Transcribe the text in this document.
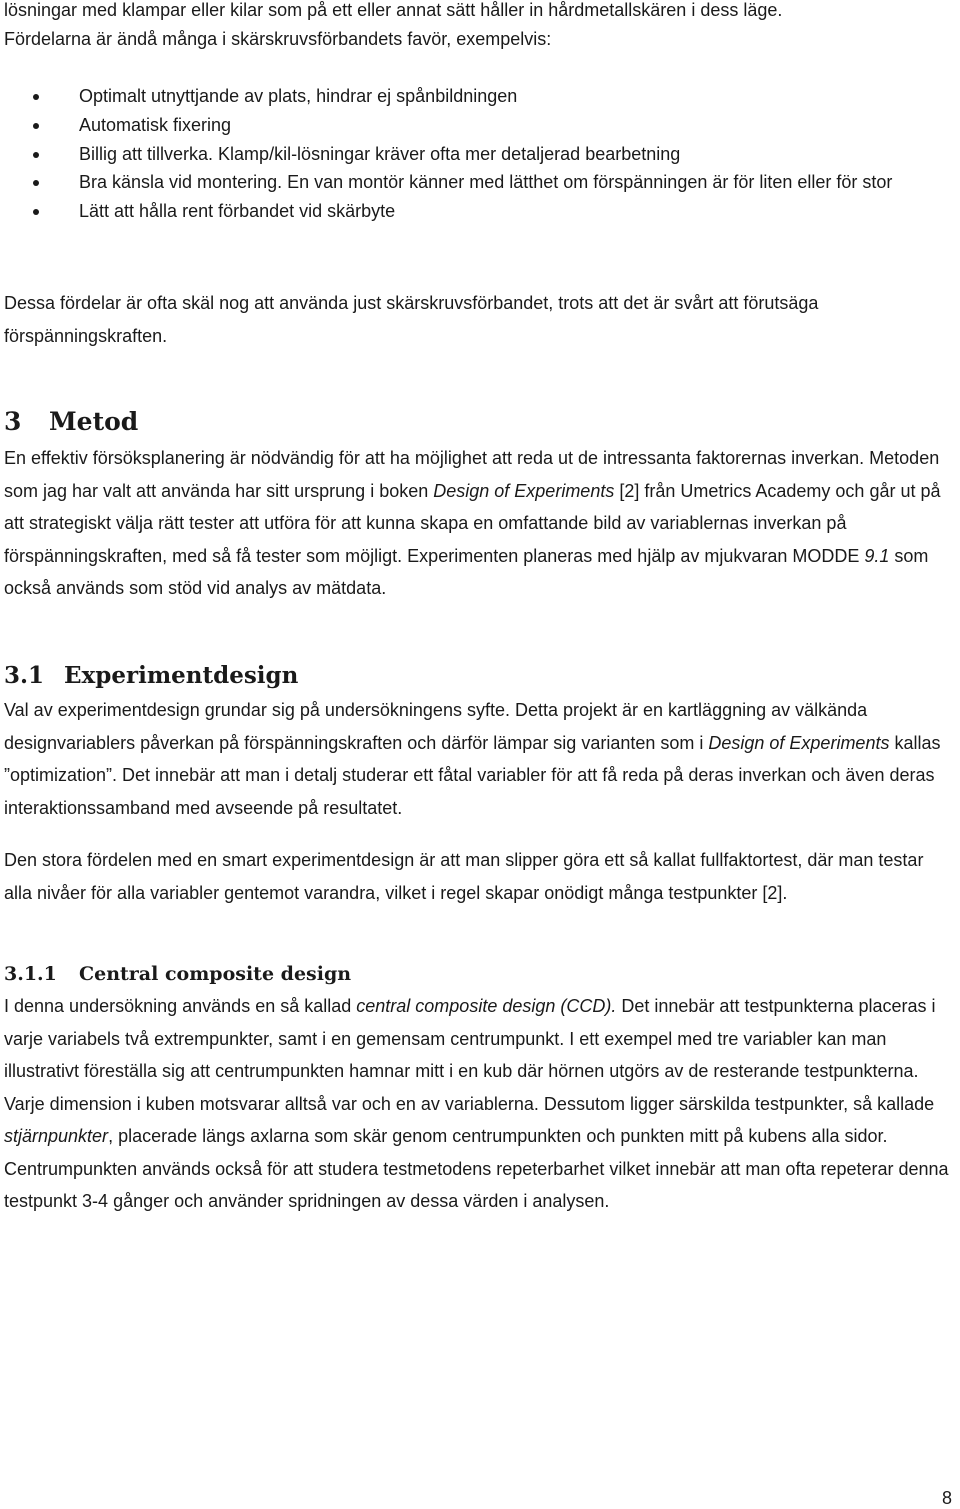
lösningar med klampar eller kilar som på ett eller annat sätt håller in hårdmetallskären i dess läge.

Fördelarna är ändå många i skärskruvsförbandets favör, exempelvis:

Optimalt utnyttjande av plats, hindrar ej spånbildningen
Automatisk fixering
Billig att tillverka. Klamp/kil-lösningar kräver ofta mer detaljerad bearbetning
Bra känsla vid montering. En van montör känner med lätthet om förspänningen är för liten eller för stor
Lätt att hålla rent förbandet vid skärbyte

Dessa fördelar är ofta skäl nog att använda just skärskruvsförbandet, trots att det är svårt att förutsäga förspänningskraften.

3 Metod

En effektiv försöksplanering är nödvändig för att ha möjlighet att reda ut de intressanta faktorernas inverkan. Metoden som jag har valt att använda har sitt ursprung i boken Design of Experiments [2] från Umetrics Academy och går ut på att strategiskt välja rätt tester att utföra för att kunna skapa en omfattande bild av variablernas inverkan på förspänningskraften, med så få tester som möjligt. Experimenten planeras med hjälp av mjukvaran MODDE 9.1 som också används som stöd vid analys av mätdata.

3.1 Experimentdesign

Val av experimentdesign grundar sig på undersökningens syfte. Detta projekt är en kartläggning av välkända designvariablers påverkan på förspänningskraften och därför lämpar sig varianten som i Design of Experiments kallas ”optimization”. Det innebär att man i detalj studerar ett fåtal variabler för att få reda på deras inverkan och även deras interaktionssamband med avseende på resultatet.

Den stora fördelen med en smart experimentdesign är att man slipper göra ett så kallat fullfaktortest, där man testar alla nivåer för alla variabler gentemot varandra, vilket i regel skapar onödigt många testpunkter [2].

3.1.1 Central composite design

I denna undersökning används en så kallad central composite design (CCD). Det innebär att testpunkterna placeras i varje variabels två extrempunkter, samt i en gemensam centrumpunkt. I ett exempel med tre variabler kan man illustrativt föreställa sig att centrumpunkten hamnar mitt i en kub där hörnen utgörs av de resterande testpunkterna. Varje dimension i kuben motsvarar alltså var och en av variablerna. Dessutom ligger särskilda testpunkter, så kallade stjärnpunkter, placerade längs axlarna som skär genom centrumpunkten och punkten mitt på kubens alla sidor. Centrumpunkten används också för att studera testmetodens repeterbarhet vilket innebär att man ofta repeterar denna testpunkt 3-4 gånger och använder spridningen av dessa värden i analysen.

8
